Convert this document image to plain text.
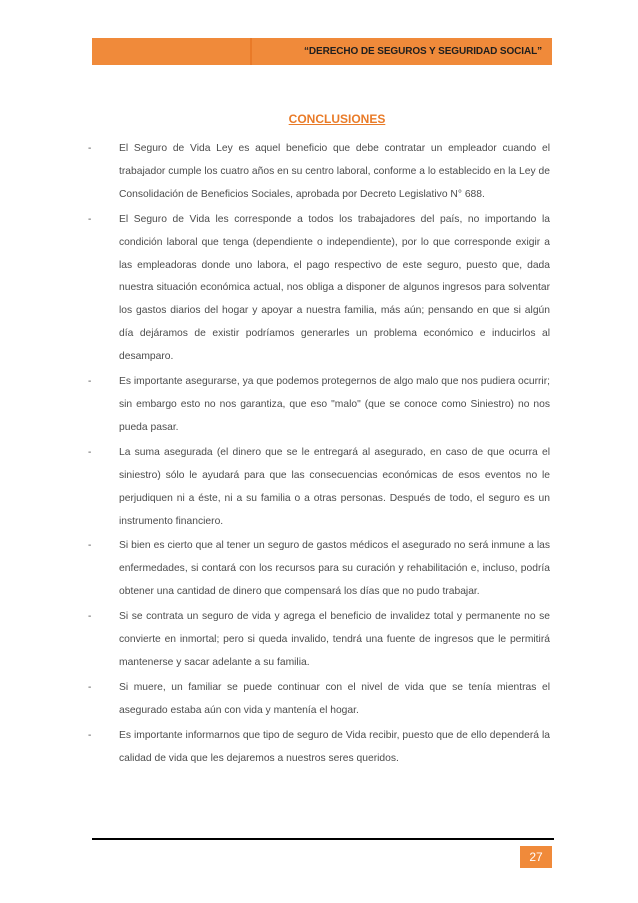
“DERECHO DE SEGUROS Y SEGURIDAD SOCIAL”
CONCLUSIONES
-	El Seguro de Vida Ley es aquel beneficio que debe contratar un empleador cuando el trabajador cumple los cuatro años en su centro laboral, conforme a lo establecido en la Ley de Consolidación de Beneficios Sociales, aprobada por Decreto Legislativo N° 688.
-	El Seguro de Vida les corresponde a todos los trabajadores del país, no importando la condición laboral que tenga (dependiente o independiente), por lo que corresponde exigir a las empleadoras donde uno labora, el pago respectivo de este seguro, puesto que, dada nuestra situación económica actual, nos obliga a disponer de algunos ingresos para solventar los gastos diarios del hogar y apoyar a nuestra familia, más aún; pensando en que si algún día dejáramos de existir podríamos generarles un problema económico e inducirlos al desamparo.
-	Es importante asegurarse, ya que podemos protegernos de algo malo que nos pudiera ocurrir; sin embargo esto no nos garantiza, que eso "malo" (que se conoce como Siniestro) no nos pueda pasar.
-	La suma asegurada (el dinero que se le entregará al asegurado, en caso de que ocurra el siniestro) sólo le ayudará para que las consecuencias económicas de esos eventos no le perjudiquen ni a éste, ni a su familia o a otras personas. Después de todo, el seguro es un instrumento financiero.
-	Si bien es cierto que al tener un seguro de gastos médicos el asegurado no será inmune a las enfermedades, si contará con los recursos para su curación y rehabilitación e, incluso, podría obtener una cantidad de dinero que compensará los días que no pudo trabajar.
-	Si se contrata un seguro de vida y agrega el beneficio de invalidez total y permanente no se convierte en inmortal; pero si queda invalido, tendrá una fuente de ingresos que le permitirá mantenerse y sacar adelante a su familia.
-	Si muere, un familiar se puede continuar con el nivel de vida que se tenía mientras el asegurado estaba aún con vida y mantenía el hogar.
-	Es importante informarnos que tipo de seguro de Vida recibir, puesto que de ello dependerá la calidad de vida que les dejaremos a nuestros seres queridos.
27
